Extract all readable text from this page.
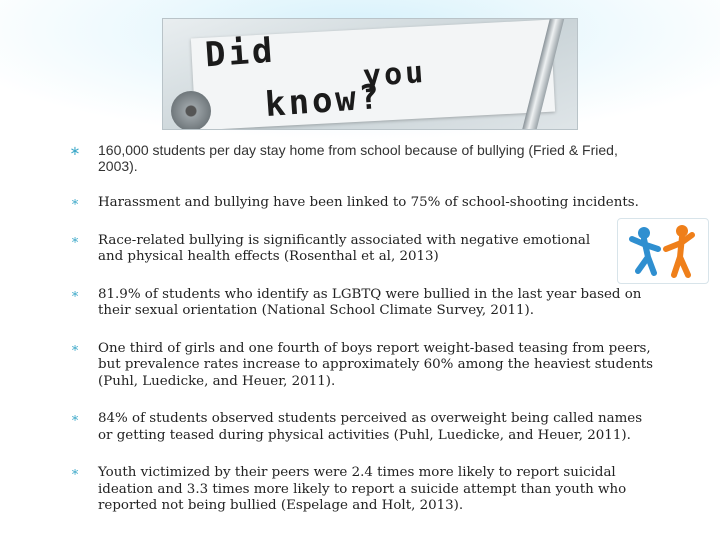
Did	you
know?
∗ 160,000 students per day stay home from school because of bullying (Fried & Fried, 2003).
∗ Harassment and bullying have been linked to 75% of school-shooting incidents.
∗ Race-related bullying is significantly associated with negative emotional and physical health effects (Rosenthal et al, 2013)
∗ 81.9% of students who identify as LGBTQ were bullied in the last year based on their sexual orientation (National School Climate Survey, 2011).
∗ One third of girls and one fourth of boys report weight-based teasing from peers, but prevalence rates increase to approximately 60% among the heaviest students (Puhl, Luedicke, and Heuer, 2011).
∗ 84% of students observed students perceived as overweight being called names or getting teased during physical activities (Puhl, Luedicke, and Heuer, 2011).
∗ Youth victimized by their peers were 2.4 times more likely to report suicidal ideation and 3.3 times more likely to report a suicide attempt than youth who reported not being bullied (Espelage and Holt, 2013).
